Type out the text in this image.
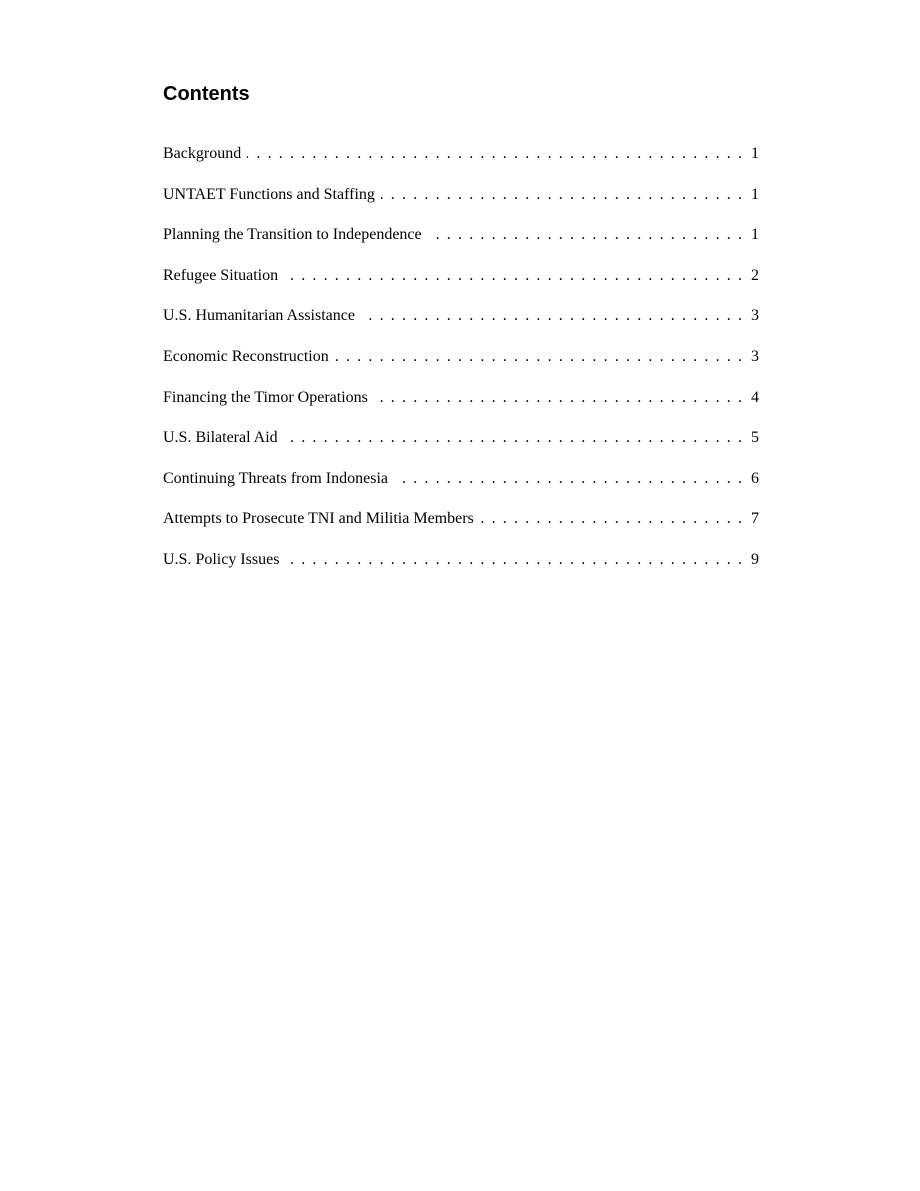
Contents
Background . . .	1
UNTAET Functions and Staffing . . .	1
Planning the Transition to Independence . . .	1
Refugee Situation . . .	2
U.S. Humanitarian Assistance . . .	3
Economic Reconstruction . . .	3
Financing the Timor Operations . . .	4
U.S. Bilateral Aid . . .	5
Continuing Threats from Indonesia . . .	6
Attempts to Prosecute TNI and Militia Members . . .	7
U.S. Policy Issues . . .	9
